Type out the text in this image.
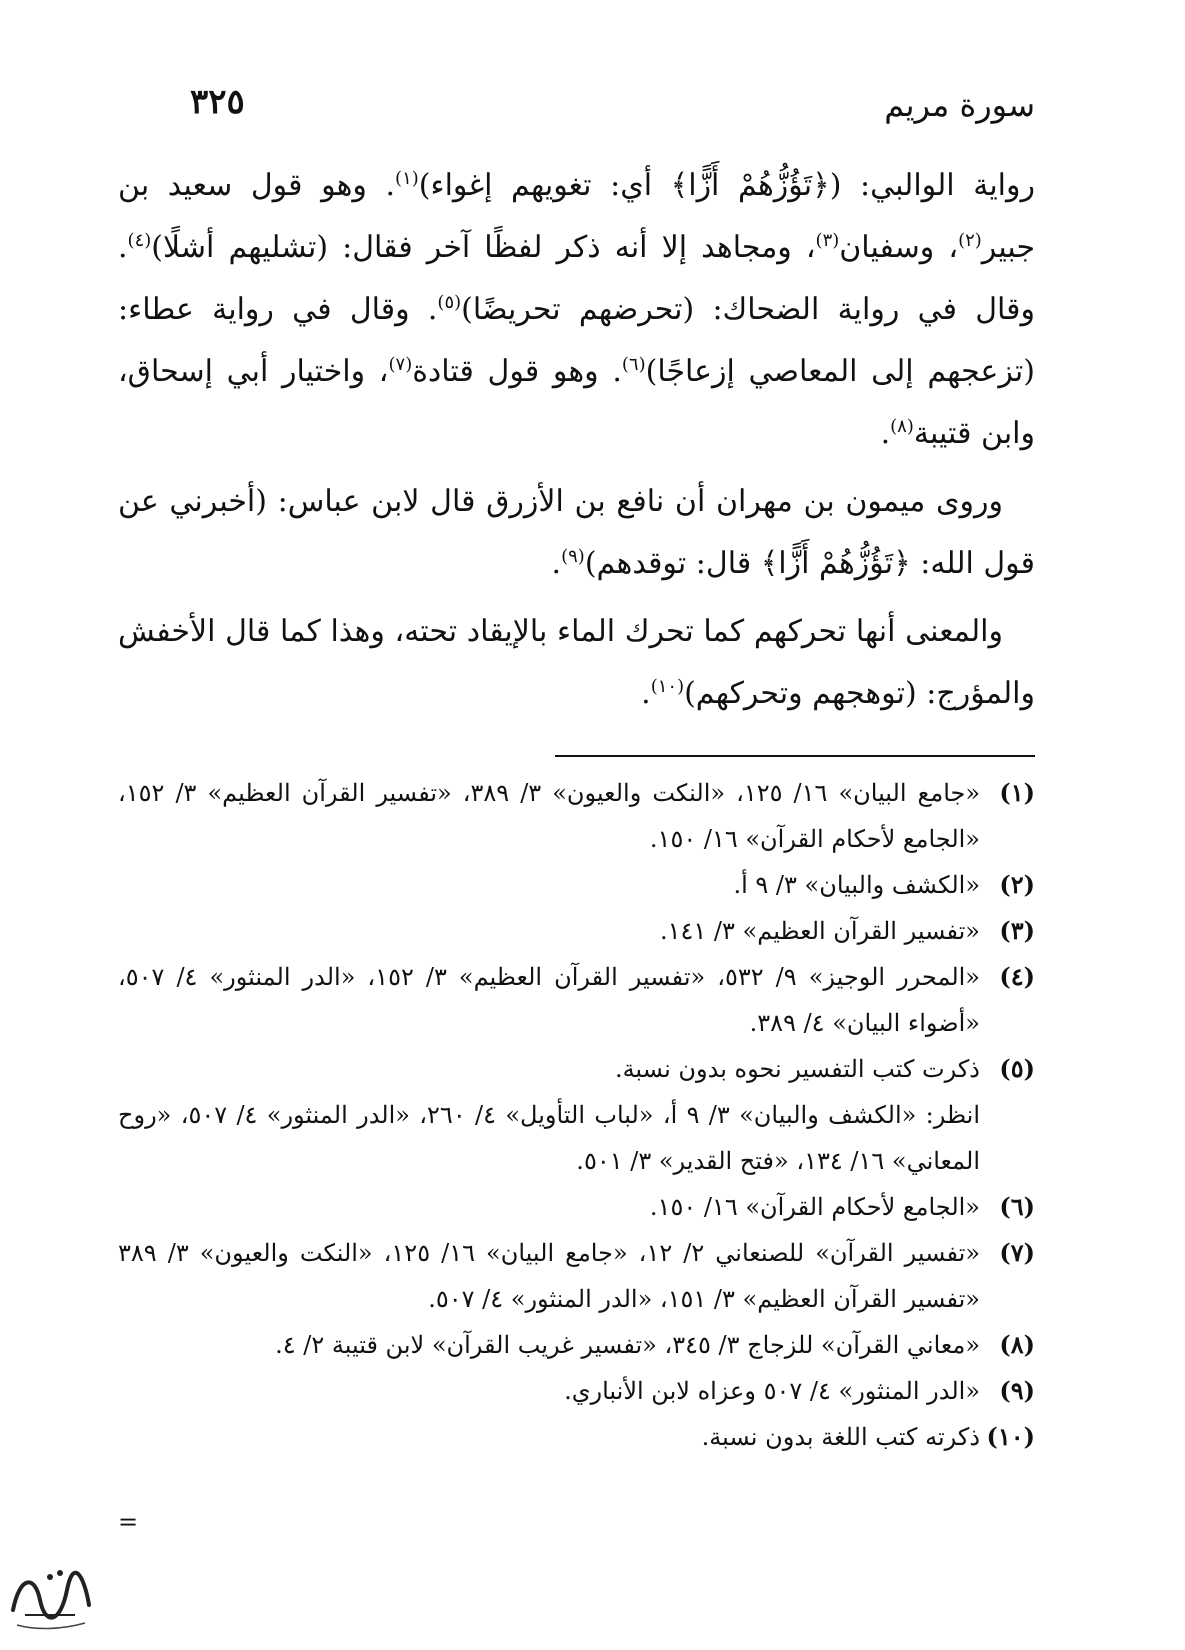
٣٢٥	سورة مريم

رواية الوالبي: (﴿تَؤُزُّهُمْ أَزًّا﴾ أي: تغويهم إغواء)$^{(١)}$. وهو قول سعيد بن جبير$^{(٢)}$، وسفيان$^{(٣)}$، ومجاهد إلا أنه ذكر لفظًا آخر فقال: (تشليهم أشلًا)$^{(٤)}$. وقال في رواية الضحاك: (تحرضهم تحريضًا)$^{(٥)}$. وقال في رواية عطاء: (تزعجهم إلى المعاصي إزعاجًا)$^{(٦)}$. وهو قول قتادة$^{(٧)}$، واختيار أبي إسحاق، وابن قتيبة$^{(٨)}$.

وروى ميمون بن مهران أن نافع بن الأزرق قال لابن عباس: (أخبرني عن قول الله: ﴿تَؤُزُّهُمْ أَزًّا﴾ قال: توقدهم)$^{(٩)}$.

والمعنى أنها تحركهم كما تحرك الماء بالإيقاد تحته، وهذا كما قال الأخفش والمؤرج: (توهجهم وتحركهم)$^{(١٠)}$.

(١)
«جامع البيان» ١٦/ ١٢٥، «النكت والعيون» ٣/ ٣٨٩، «تفسير القرآن العظيم» ٣/ ١٥٢، «الجامع لأحكام القرآن» ١٦/ ١٥٠.
(٢)
«الكشف والبيان» ٣/ ٩ أ.
(٣)
«تفسير القرآن العظيم» ٣/ ١٤١.
(٤)
«المحرر الوجيز» ٩/ ٥٣٢، «تفسير القرآن العظيم» ٣/ ١٥٢، «الدر المنثور» ٤/ ٥٠٧، «أضواء البيان» ٤/ ٣٨٩.
(٥)
ذكرت كتب التفسير نحوه بدون نسبة.
انظر: «الكشف والبيان» ٣/ ٩ أ، «لباب التأويل» ٤/ ٢٦٠، «الدر المنثور» ٤/ ٥٠٧، «روح المعاني» ١٦/ ١٣٤، «فتح القدير» ٣/ ٥٠١.
(٦)
«الجامع لأحكام القرآن» ١٦/ ١٥٠.
(٧)
«تفسير القرآن» للصنعاني ٢/ ١٢، «جامع البيان» ١٦/ ١٢٥، «النكت والعيون» ٣/ ٣٨٩ «تفسير القرآن العظيم» ٣/ ١٥١، «الدر المنثور» ٤/ ٥٠٧.
(٨)
«معاني القرآن» للزجاج ٣/ ٣٤٥، «تفسير غريب القرآن» لابن قتيبة ٢/ ٤.
(٩)
«الدر المنثور» ٤/ ٥٠٧ وعزاه لابن الأنباري.
(١٠)
ذكرته كتب اللغة بدون نسبة.
=
